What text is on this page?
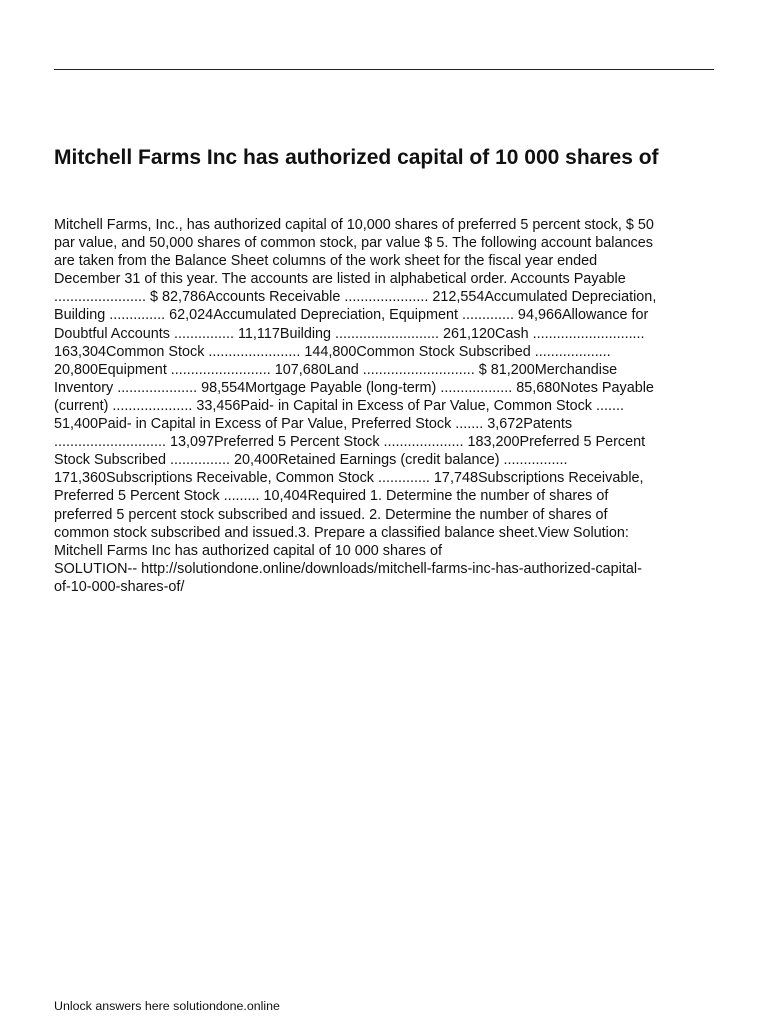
Mitchell Farms Inc has authorized capital of 10 000 shares of
Mitchell Farms, Inc., has authorized capital of 10,000 shares of preferred 5 percent stock, $ 50
par value, and 50,000 shares of common stock, par value $ 5. The following account balances
are taken from the Balance Sheet columns of the work sheet for the fiscal year ended
December 31 of this year. The accounts are listed in alphabetical order. Accounts Payable
....................... $ 82,786Accounts Receivable ..................... 212,554Accumulated Depreciation,
Building .............. 62,024Accumulated Depreciation, Equipment ............. 94,966Allowance for
Doubtful Accounts ............... 11,117Building .......................... 261,120Cash ............................
163,304Common Stock ....................... 144,800Common Stock Subscribed ...................
20,800Equipment ......................... 107,680Land ............................ $ 81,200Merchandise
Inventory .................... 98,554Mortgage Payable (long-term) .................. 85,680Notes Payable
(current) .................... 33,456Paid- in Capital in Excess of Par Value, Common Stock .......
51,400Paid- in Capital in Excess of Par Value, Preferred Stock ....... 3,672Patents
............................ 13,097Preferred 5 Percent Stock .................... 183,200Preferred 5 Percent
Stock Subscribed ............... 20,400Retained Earnings (credit balance) ................
171,360Subscriptions Receivable, Common Stock ............. 17,748Subscriptions Receivable,
Preferred 5 Percent Stock ......... 10,404Required 1. Determine the number of shares of
preferred 5 percent stock subscribed and issued. 2. Determine the number of shares of
common stock subscribed and issued.3. Prepare a classified balance sheet.View Solution:
Mitchell Farms Inc has authorized capital of 10 000 shares of
SOLUTION-- http://solutiondone.online/downloads/mitchell-farms-inc-has-authorized-capital-
of-10-000-shares-of/

Unlock answers here solutiondone.online
